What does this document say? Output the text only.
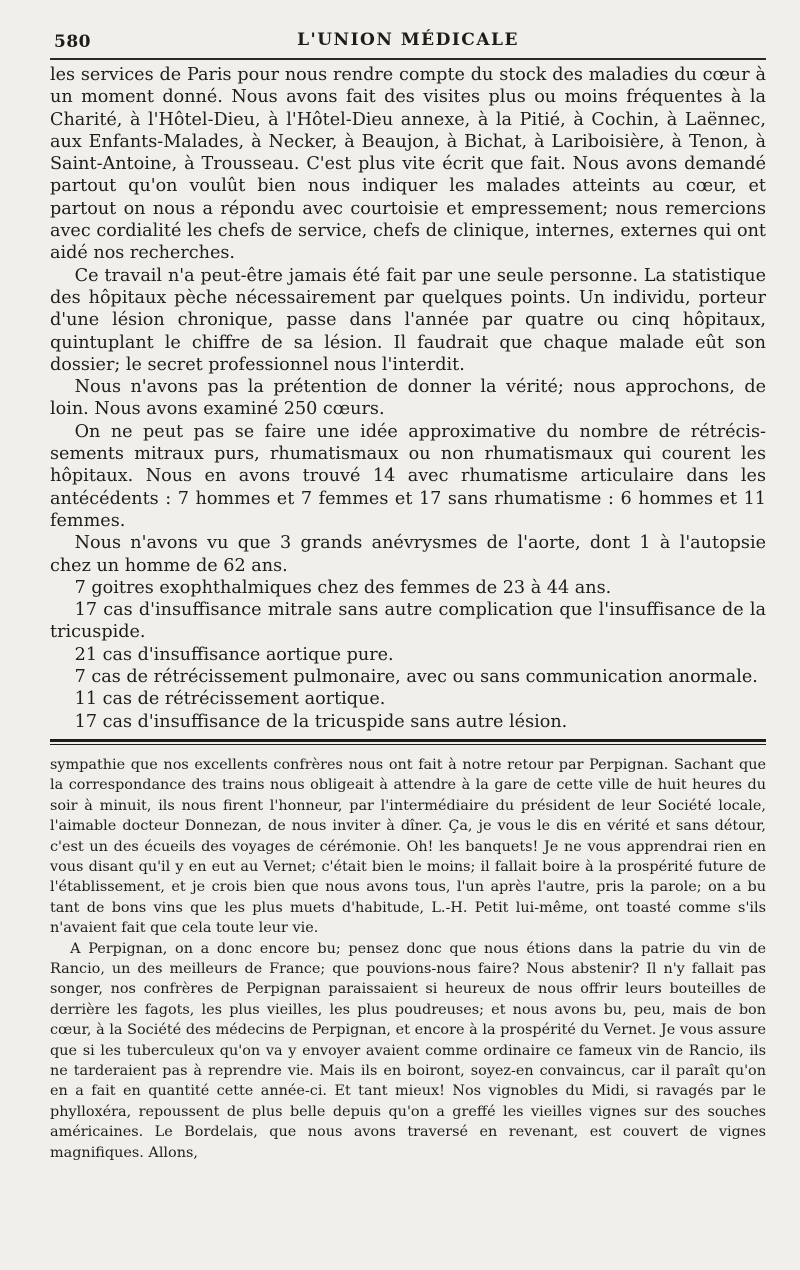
580	L'UNION MÉDICALE

les services de Paris pour nous rendre compte du stock des maladies du cœur à un moment donné. Nous avons fait des visites plus ou moins fréquentes à la Charité, à l'Hôtel-Dieu, à l'Hôtel-Dieu annexe, à la Pitié, à Cochin, à Laënnec, aux Enfants-Malades, à Necker, à Beaujon, à Bichat, à Lariboisière, à Tenon, à Saint-Antoine, à Trousseau. C'est plus vite écrit que fait. Nous avons demandé partout qu'on voulût bien nous indiquer les malades atteints au cœur, et partout on nous a répondu avec courtoisie et empressement; nous remercions avec cordialité les chefs de service, chefs de clinique, internes, externes qui ont aidé nos recherches.

Ce travail n'a peut-être jamais été fait par une seule personne. La statistique des hôpitaux pèche nécessairement par quelques points. Un individu, porteur d'une lésion chronique, passe dans l'année par quatre ou cinq hôpitaux, quintuplant le chiffre de sa lésion. Il faudrait que chaque malade eût son dossier; le secret professionnel nous l'interdit.

Nous n'avons pas la prétention de donner la vérité; nous approchons, de loin. Nous avons examiné 250 cœurs.

On ne peut pas se faire une idée approximative du nombre de rétrécissements mitraux purs, rhumatismaux ou non rhumatismaux qui courent les hôpitaux. Nous en avons trouvé 14 avec rhumatisme articulaire dans les antécédents : 7 hommes et 7 femmes et 17 sans rhumatisme : 6 hommes et 11 femmes.

Nous n'avons vu que 3 grands anévrysmes de l'aorte, dont 1 à l'autopsie chez un homme de 62 ans.

7 goitres exophthalmiques chez des femmes de 23 à 44 ans.

17 cas d'insuffisance mitrale sans autre complication que l'insuffisance de la tricuspide.

21 cas d'insuffisance aortique pure.

7 cas de rétrécissement pulmonaire, avec ou sans communication anormale.

11 cas de rétrécissement aortique.

17 cas d'insuffisance de la tricuspide sans autre lésion.

sympathie que nos excellents confrères nous ont fait à notre retour par Perpignan. Sachant que la correspondance des trains nous obligeait à attendre à la gare de cette ville de huit heures du soir à minuit, ils nous firent l'honneur, par l'intermédiaire du président de leur Société locale, l'aimable docteur Donnezan, de nous inviter à dîner. Ça, je vous le dis en vérité et sans détour, c'est un des écueils des voyages de cérémonie. Oh! les banquets! Je ne vous apprendrai rien en vous disant qu'il y en eut au Vernet; c'était bien le moins; il fallait boire à la prospérité future de l'établissement, et je crois bien que nous avons tous, l'un après l'autre, pris la parole; on a bu tant de bons vins que les plus muets d'habitude, L.-H. Petit lui-même, ont toasté comme s'ils n'avaient fait que cela toute leur vie.

A Perpignan, on a donc encore bu; pensez donc que nous étions dans la patrie du vin de Rancio, un des meilleurs de France; que pouvions-nous faire? Nous abstenir? Il n'y fallait pas songer, nos confrères de Perpignan paraissaient si heureux de nous offrir leurs bouteilles de derrière les fagots, les plus vieilles, les plus poudreuses; et nous avons bu, peu, mais de bon cœur, à la Société des médecins de Perpignan, et encore à la prospérité du Vernet. Je vous assure que si les tuberculeux qu'on va y envoyer avaient comme ordinaire ce fameux vin de Rancio, ils ne tarderaient pas à reprendre vie. Mais ils en boiront, soyez-en convaincus, car il paraît qu'on en a fait en quantité cette année-ci. Et tant mieux! Nos vignobles du Midi, si ravagés par le phylloxéra, repoussent de plus belle depuis qu'on a greffé les vieilles vignes sur des souches américaines. Le Bordelais, que nous avons traversé en revenant, est couvert de vignes magnifiques. Allons,
